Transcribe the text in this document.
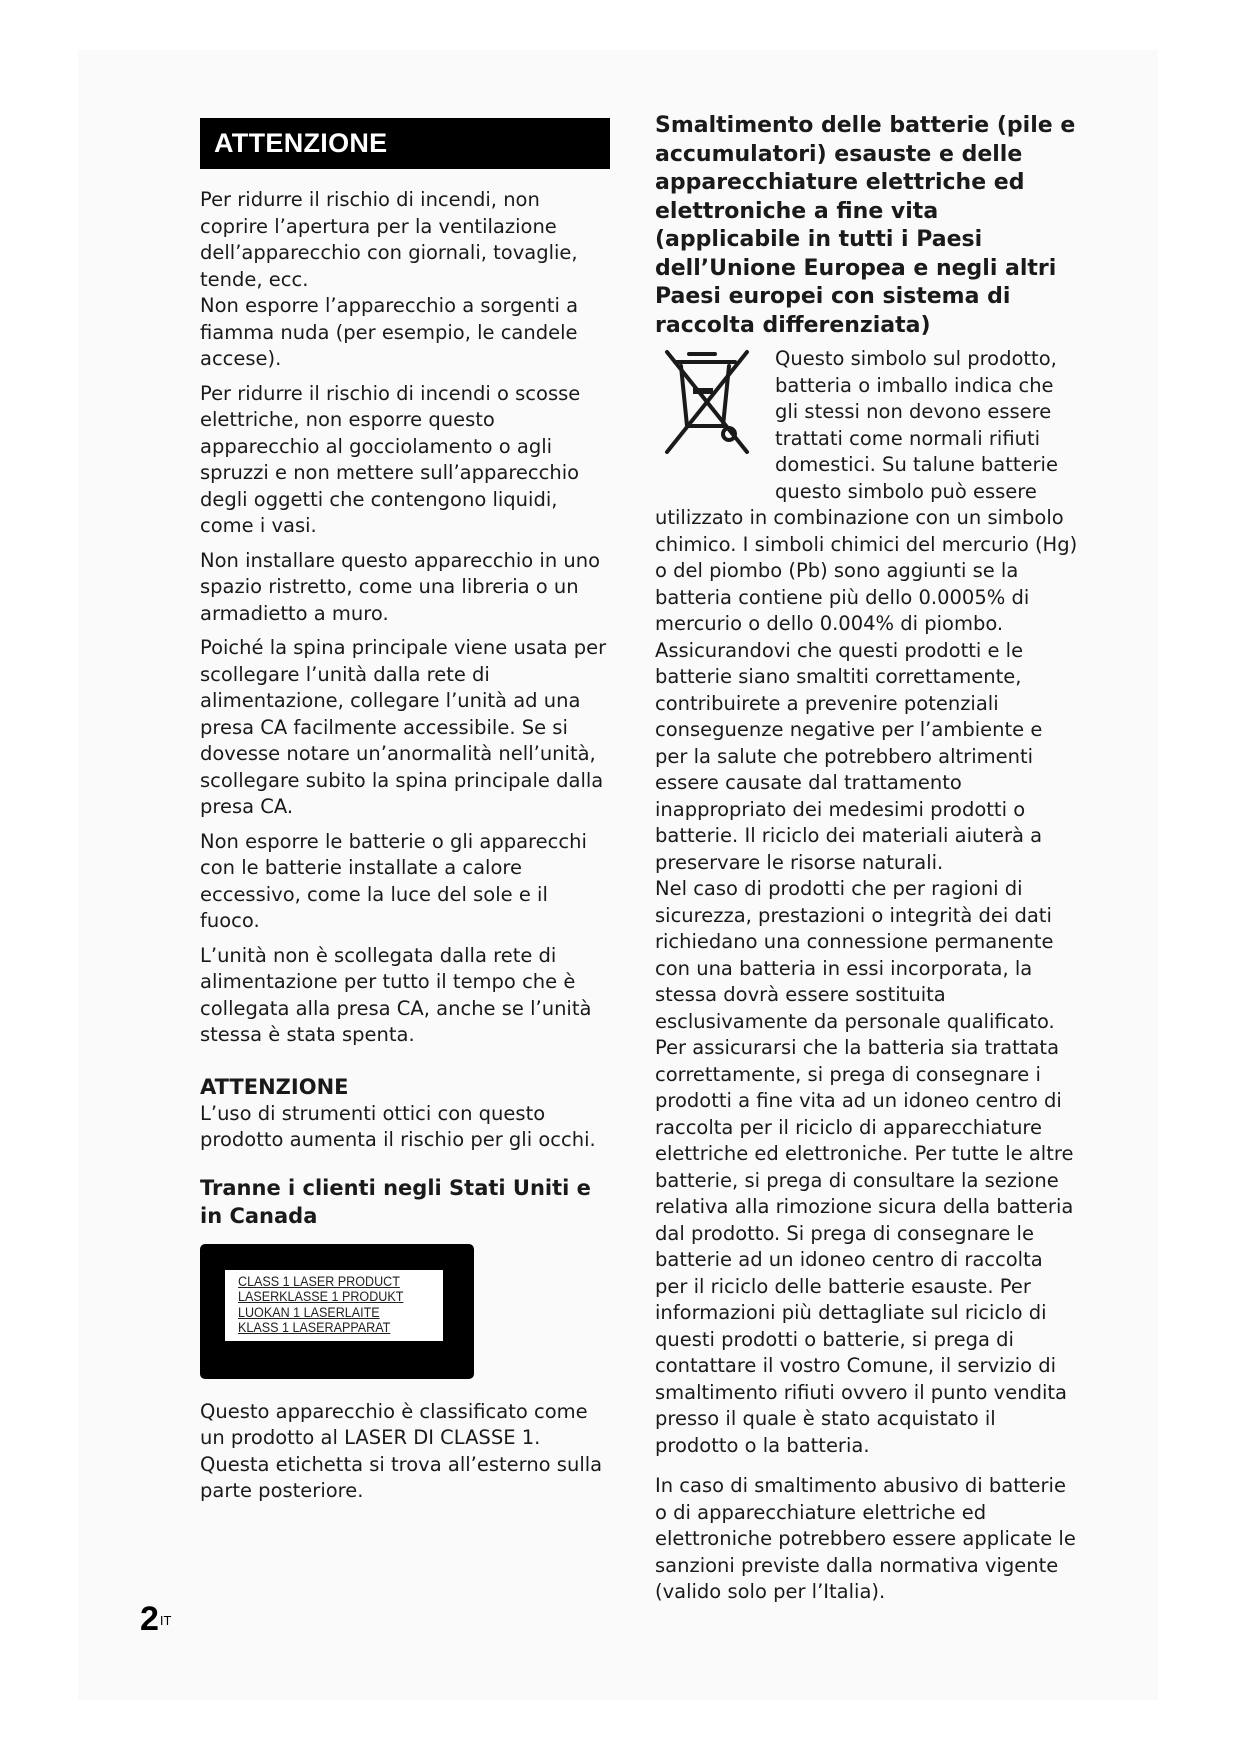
ATTENZIONE

Per ridurre il rischio di incendi, non coprire l’apertura per la ventilazione dell’apparecchio con giornali, tovaglie, tende, ecc.

Non esporre l’apparecchio a sorgenti a fiamma nuda (per esempio, le candele accese).

Per ridurre il rischio di incendi o scosse elettriche, non esporre questo apparecchio al gocciolamento o agli spruzzi e non mettere sull’apparecchio degli oggetti che contengono liquidi, come i vasi.

Non installare questo apparecchio in uno spazio ristretto, come una libreria o un armadietto a muro.

Poiché la spina principale viene usata per scollegare l’unità dalla rete di alimentazione, collegare l’unità ad una presa CA facilmente accessibile. Se si dovesse notare un’anormalità nell’unità, scollegare subito la spina principale dalla presa CA.

Non esporre le batterie o gli apparecchi con le batterie installate a calore eccessivo, come la luce del sole e il fuoco.

L’unità non è scollegata dalla rete di alimentazione per tutto il tempo che è collegata alla presa CA, anche se l’unità stessa è stata spenta.

ATTENZIONE

L’uso di strumenti ottici con questo prodotto aumenta il rischio per gli occhi.

Tranne i clienti negli Stati Uniti e in Canada

CLASS 1 LASER PRODUCT
LASERKLASSE 1 PRODUKT
LUOKAN 1 LASERLAITE
KLASS 1 LASERAPPARAT

Questo apparecchio è classificato come un prodotto al LASER DI CLASSE 1. Questa etichetta si trova all’esterno sulla parte posteriore.

Smaltimento delle batterie (pile e accumulatori) esauste e delle apparecchiature elettriche ed elettroniche a fine vita (applicabile in tutti i Paesi dell’Unione Europea e negli altri Paesi europei con sistema di raccolta differenziata)

Questo simbolo sul prodotto, batteria o imballo indica che gli stessi non devono essere trattati come normali rifiuti domestici. Su talune batterie questo simbolo può essere utilizzato in combinazione con un simbolo chimico. I simboli chimici del mercurio (Hg) o del piombo (Pb) sono aggiunti se la batteria contiene più dello 0.0005% di mercurio o dello 0.004% di piombo. Assicurandovi che questi prodotti e le batterie siano smaltiti correttamente, contribuirete a prevenire potenziali conseguenze negative per l’ambiente e per la salute che potrebbero altrimenti essere causate dal trattamento inappropriato dei medesimi prodotti o batterie. Il riciclo dei materiali aiuterà a preservare le risorse naturali.

Nel caso di prodotti che per ragioni di sicurezza, prestazioni o integrità dei dati richiedano una connessione permanente con una batteria in essi incorporata, la stessa dovrà essere sostituita esclusivamente da personale qualificato. Per assicurarsi che la batteria sia trattata correttamente, si prega di consegnare i prodotti a fine vita ad un idoneo centro di raccolta per il riciclo di apparecchiature elettriche ed elettroniche. Per tutte le altre batterie, si prega di consultare la sezione relativa alla rimozione sicura della batteria dal prodotto. Si prega di consegnare le batterie ad un idoneo centro di raccolta per il riciclo delle batterie esauste. Per informazioni più dettagliate sul riciclo di questi prodotti o batterie, si prega di contattare il vostro Comune, il servizio di smaltimento rifiuti ovvero il punto vendita presso il quale è stato acquistato il prodotto o la batteria.

In caso di smaltimento abusivo di batterie o di apparecchiature elettriche ed elettroniche potrebbero essere applicate le sanzioni previste dalla normativa vigente (valido solo per l’Italia).

$2^{IT}$
